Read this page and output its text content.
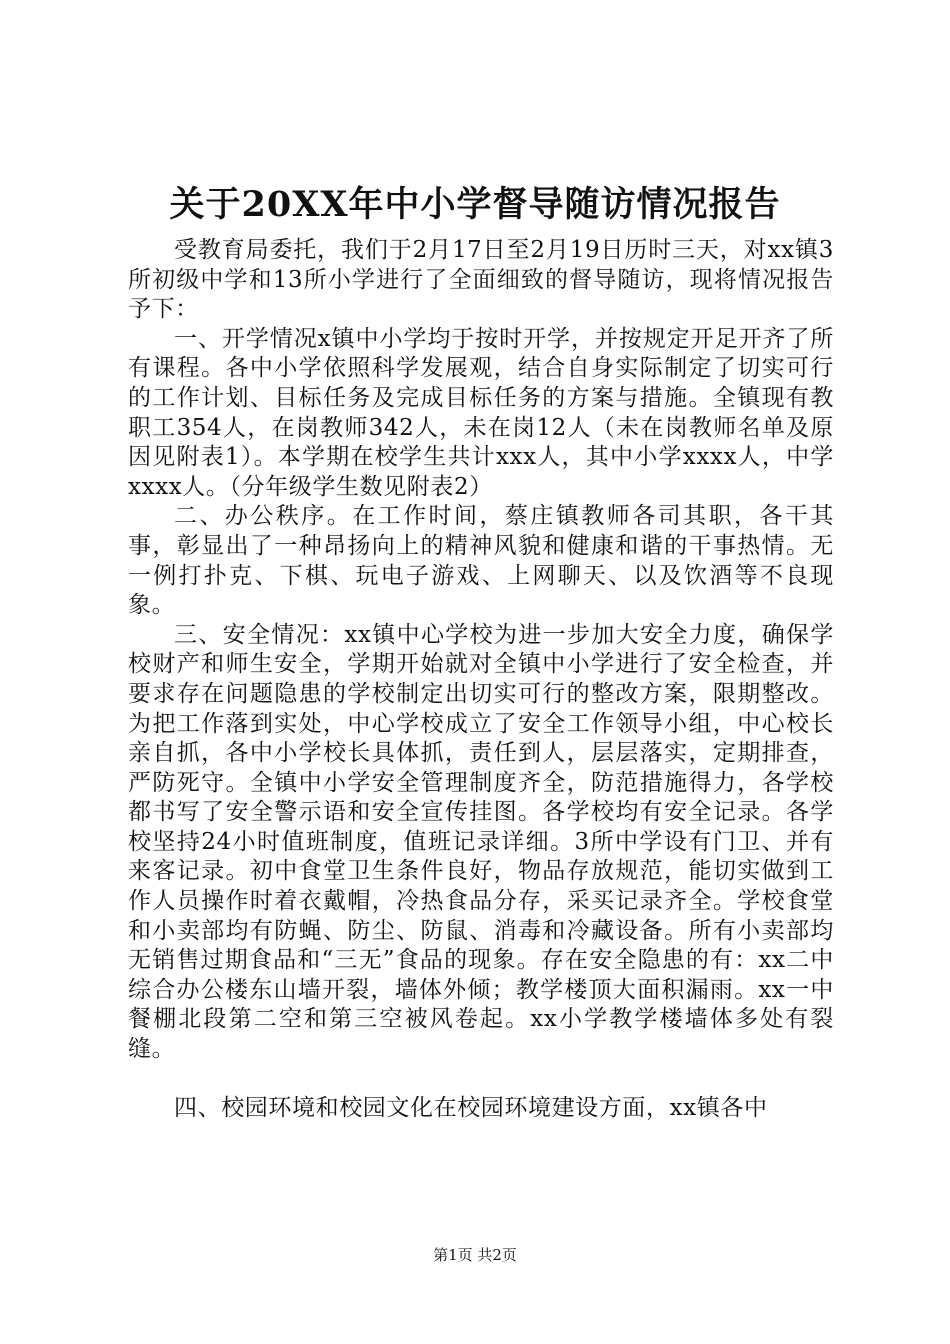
关于20XX年中小学督导随访情况报告

受教育局委托，我们于2月17日至2月19日历时三天，对xx镇3所初级中学和13所小学进行了全面细致的督导随访，现将情况报告予下：

一、开学情况x镇中小学均于按时开学，并按规定开足开齐了所有课程。各中小学依照科学发展观，结合自身实际制定了切实可行的工作计划、目标任务及完成目标任务的方案与措施。全镇现有教职工354人，在岗教师342人，未在岗12人（未在岗教师名单及原因见附表1）。本学期在校学生共计xxx人，其中小学xxxx人，中学xxxx人。（分年级学生数见附表2）

二、办公秩序。在工作时间，蔡庄镇教师各司其职，各干其事，彰显出了一种昂扬向上的精神风貌和健康和谐的干事热情。无一例打扑克、下棋、玩电子游戏、上网聊天、以及饮酒等不良现象。

三、安全情况：xx镇中心学校为进一步加大安全力度，确保学校财产和师生安全，学期开始就对全镇中小学进行了安全检查，并要求存在问题隐患的学校制定出切实可行的整改方案，限期整改。为把工作落到实处，中心学校成立了安全工作领导小组，中心校长亲自抓，各中小学校长具体抓，责任到人，层层落实，定期排查，严防死守。全镇中小学安全管理制度齐全，防范措施得力，各学校都书写了安全警示语和安全宣传挂图。各学校均有安全记录。各学校坚持24小时值班制度，值班记录详细。3所中学设有门卫、并有来客记录。初中食堂卫生条件良好，物品存放规范，能切实做到工作人员操作时着衣戴帽，冷热食品分存，采买记录齐全。学校食堂和小卖部均有防蝇、防尘、防鼠、消毒和冷藏设备。所有小卖部均无销售过期食品和“三无”食品的现象。存在安全隐患的有：xx二中综合办公楼东山墙开裂，墙体外倾；教学楼顶大面积漏雨。xx一中餐棚北段第二空和第三空被风卷起。xx小学教学楼墙体多处有裂缝。

四、校园环境和校园文化在校园环境建设方面，xx镇各中

第1页 共2页
